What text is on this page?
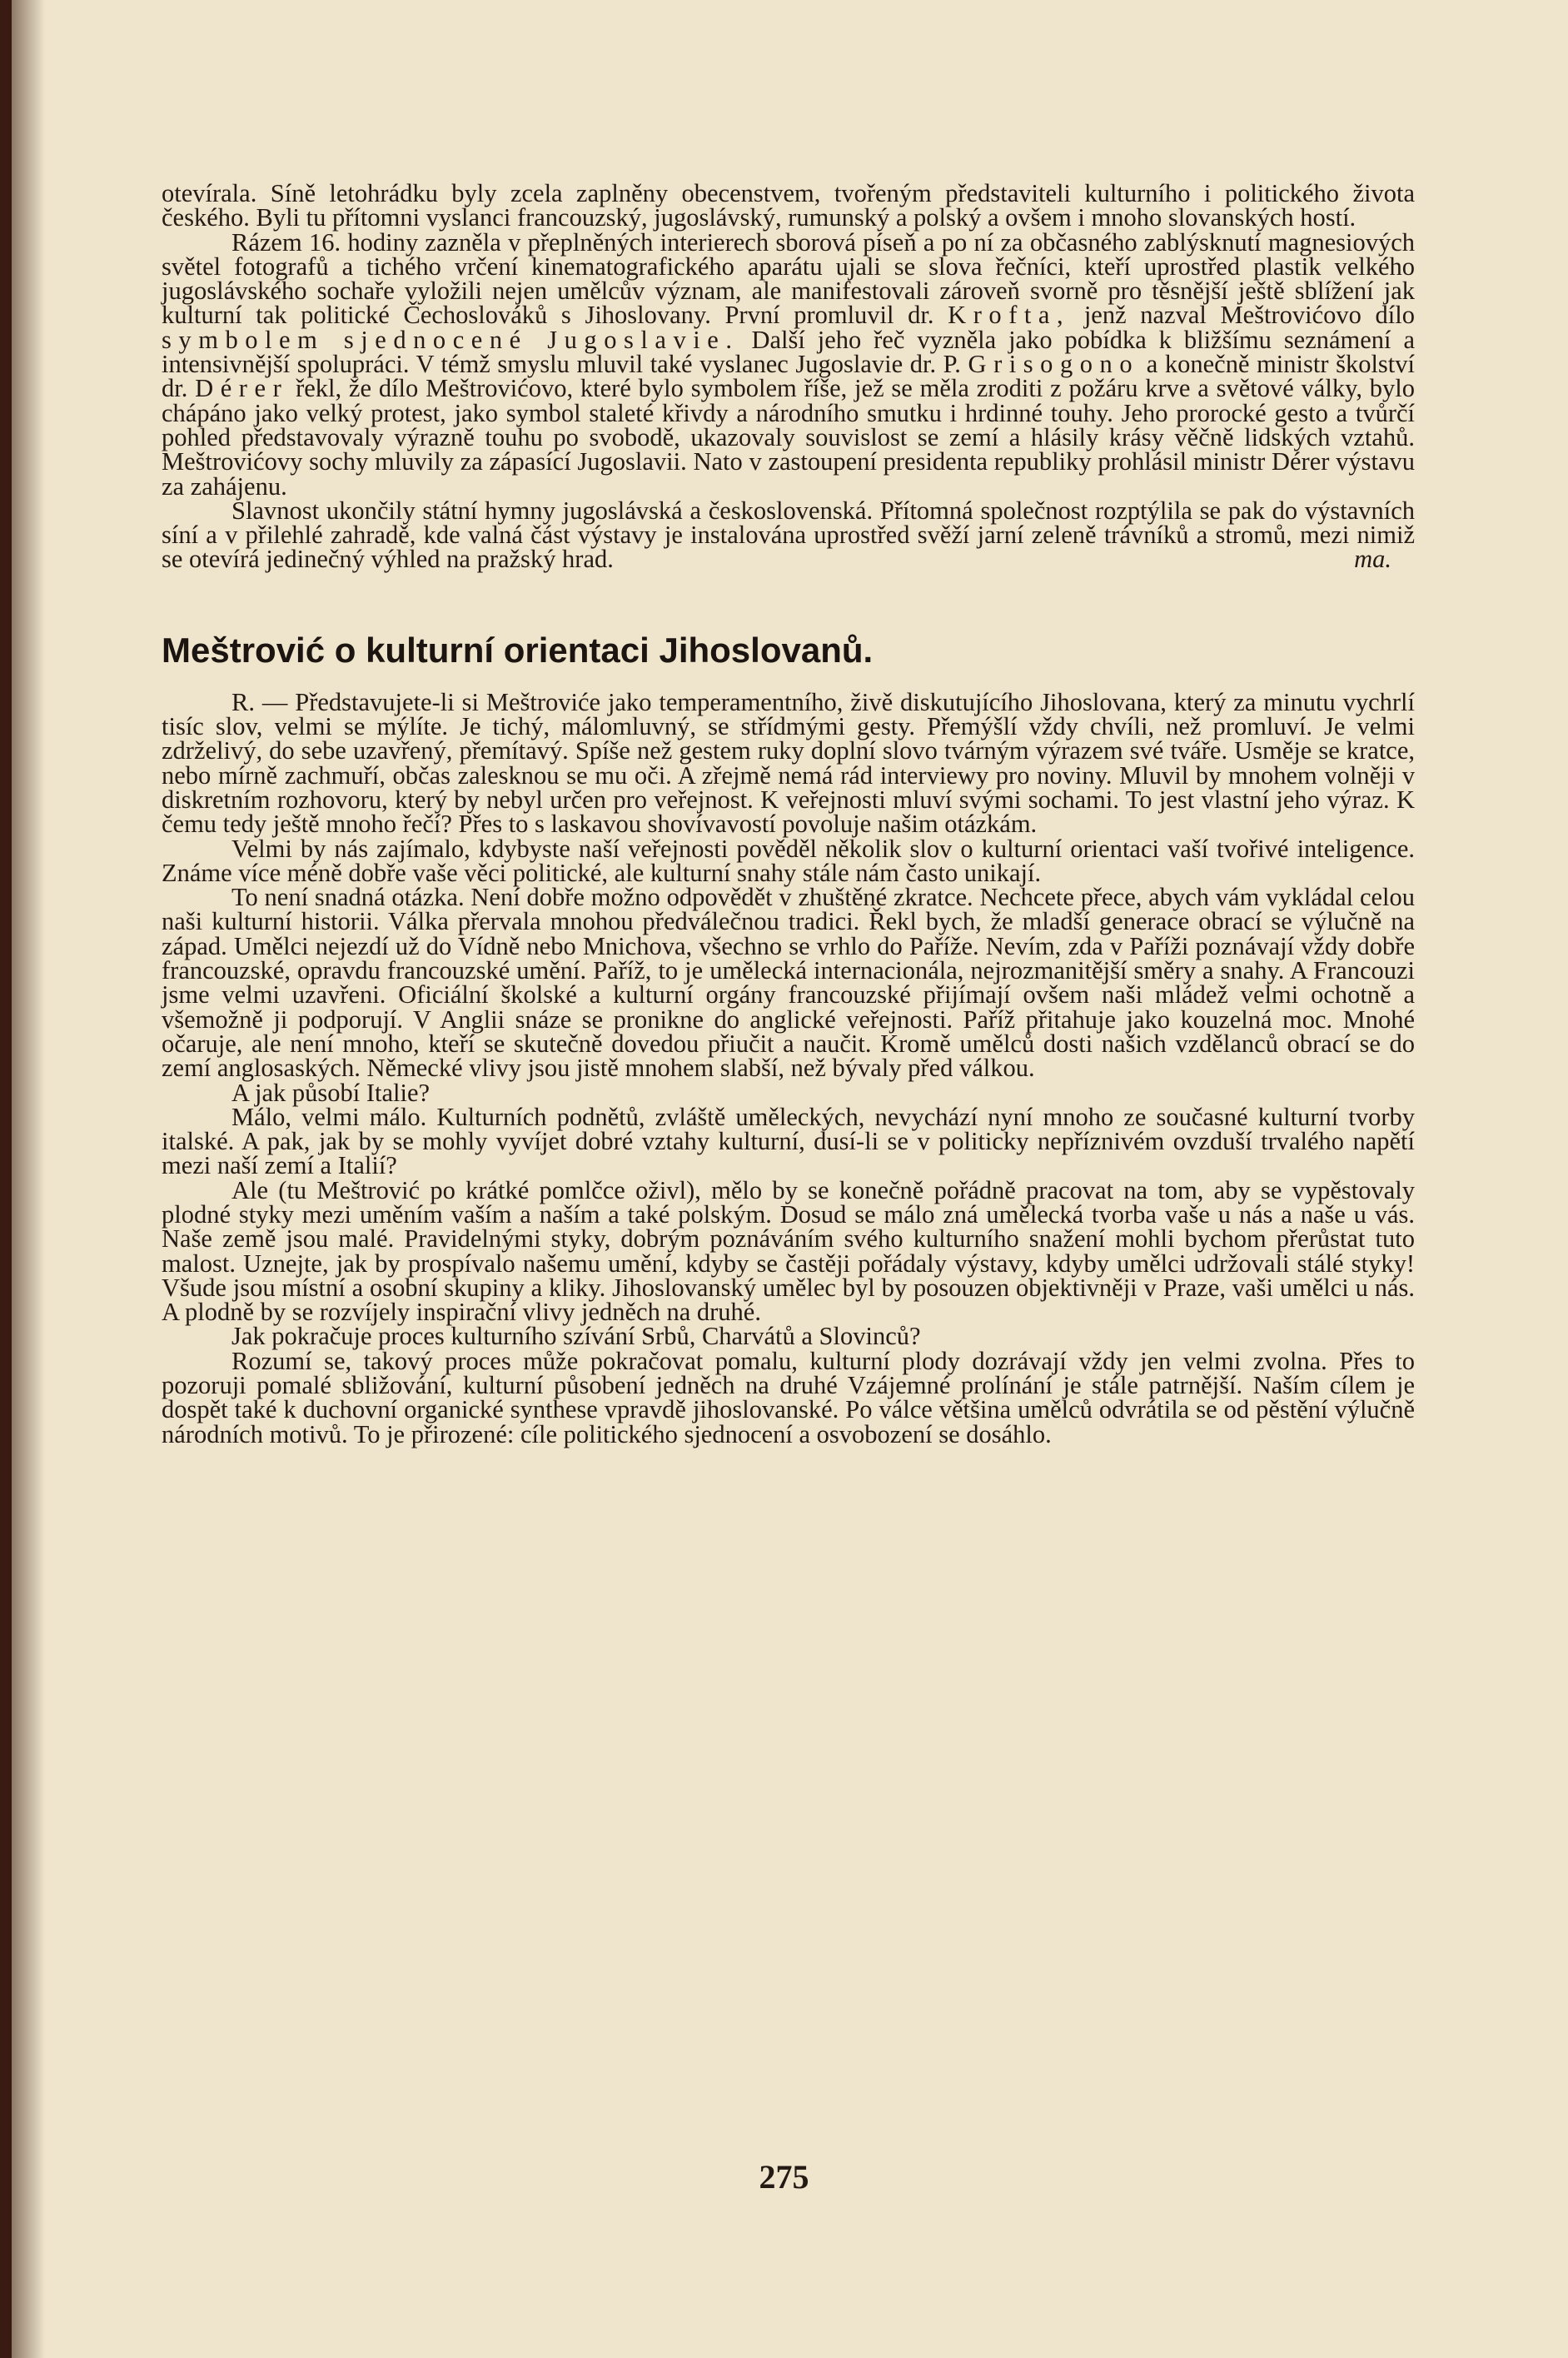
otevírala. Síně letohrádku byly zcela zaplněny obecenstvem, tvořeným představiteli kulturního i politického života českého. Byli tu přítomni vyslanci francouzský, jugoslávský, rumunský a polský a ovšem i mnoho slovanských hostí.

Rázem 16. hodiny zazněla v přeplněných interierech sborová píseň a po ní za občasného zablýsknutí magnesiových světel fotografů a tichého vrčení kinematografického aparátu ujali se slova řečníci, kteří uprostřed plastik velkého jugoslávského sochaře vyložili nejen umělcův význam, ale manifestovali zároveň svorně pro těsnější ještě sblížení jak kulturní tak politické Čechoslováků s Jihoslovany. První promluvil dr. Krofta, jenž nazval Meštrovićovo dílo symbolem sjednocené Jugoslavie. Další jeho řeč vyzněla jako pobídka k bližšímu seznámení a intensivnější spolupráci. V témž smyslu mluvil také vyslanec Jugoslavie dr. P. Grisogono a konečně ministr školství dr. Dérer řekl, že dílo Meštrovićovo, které bylo symbolem říše, jež se měla zroditi z požáru krve a světové války, bylo chápáno jako velký protest, jako symbol staleté křivdy a národního smutku i hrdinné touhy. Jeho prorocké gesto a tvůrčí pohled představovaly výrazně touhu po svobodě, ukazovaly souvislost se zemí a hlásily krásy věčně lidských vztahů. Meštrovićovy sochy mluvily za zápasící Jugoslavii. Nato v zastoupení presidenta republiky prohlásil ministr Dérer výstavu za zahájenu.

Slavnost ukončily státní hymny jugoslávská a československá. Přítomná společnost rozptýlila se pak do výstavních síní a v přilehlé zahradě, kde valná část výstavy je instalována uprostřed svěží jarní zeleně trávníků a stromů, mezi nimiž se otevírá jedinečný výhled na pražský hrad.	ma.
Meštrović o kulturní orientaci Jihoslovanů.

R. — Představujete-li si Meštroviće jako temperamentního, živě diskutujícího Jihoslovana, který za minutu vychrlí tisíc slov, velmi se mýlíte. Je tichý, málomluvný, se střídmými gesty. Přemýšlí vždy chvíli, než promluví. Je velmi zdrželivý, do sebe uzavřený, přemítavý. Spíše než gestem ruky doplní slovo tvárným výrazem své tváře. Usměje se kratce, nebo mírně zachmuří, občas zalesknou se mu oči. A zřejmě nemá rád interviewy pro noviny. Mluvil by mnohem volněji v diskretním rozhovoru, který by nebyl určen pro veřejnost. K veřejnosti mluví svými sochami. To jest vlastní jeho výraz. K čemu tedy ještě mnoho řečí? Přes to s laskavou shovívavostí povoluje našim otázkám.

Velmi by nás zajímalo, kdybyste naší veřejnosti pověděl několik slov o kulturní orientaci vaší tvořivé inteligence. Známe více méně dobře vaše věci politické, ale kulturní snahy stále nám často unikají.

To není snadná otázka. Není dobře možno odpovědět v zhuštěné zkratce. Nechcete přece, abych vám vykládal celou naši kulturní historii. Válka přervala mnohou předválečnou tradici. Řekl bych, že mladší generace obrací se výlučně na západ. Umělci nejezdí už do Vídně nebo Mnichova, všechno se vrhlo do Paříže. Nevím, zda v Paříži poznávají vždy dobře francouzské, opravdu francouzské umění. Paříž, to je umělecká internacionála, nejrozmanitější směry a snahy. A Francouzi jsme velmi uzavřeni. Oficiální školské a kulturní orgány francouzské přijímají ovšem naši mládež velmi ochotně a všemožně ji podporují. V Anglii snáze se pronikne do anglické veřejnosti. Paříž přitahuje jako kouzelná moc. Mnohé očaruje, ale není mnoho, kteří se skutečně dovedou přiučit a naučit. Kromě umělců dosti našich vzdělanců obrací se do zemí anglosaských. Německé vlivy jsou jistě mnohem slabší, než bývaly před válkou.

A jak působí Italie?

Málo, velmi málo. Kulturních podnětů, zvláště uměleckých, nevychází nyní mnoho ze současné kulturní tvorby italské. A pak, jak by se mohly vyvíjet dobré vztahy kulturní, dusí-li se v politicky nepříznivém ovzduší trvalého napětí mezi naší zemí a Italií?

Ale (tu Meštrović po krátké pomlčce oživl), mělo by se konečně pořádně pracovat na tom, aby se vypěstovaly plodné styky mezi uměním vaším a naším a také polským. Dosud se málo zná umělecká tvorba vaše u nás a naše u vás. Naše země jsou malé. Pravidelnými styky, dobrým poznáváním svého kulturního snažení mohli bychom přerůstat tuto malost. Uznejte, jak by prospívalo našemu umění, kdyby se častěji pořádaly výstavy, kdyby umělci udržovali stálé styky! Všude jsou místní a osobní skupiny a kliky. Jihoslovanský umělec byl by posouzen objektivněji v Praze, vaši umělci u nás. A plodně by se rozvíjely inspirační vlivy jedněch na druhé.

Jak pokračuje proces kulturního szívání Srbů, Charvátů a Slovinců?

Rozumí se, takový proces může pokračovat pomalu, kulturní plody dozrávají vždy jen velmi zvolna. Přes to pozoruji pomalé sbližování, kulturní působení jedněch na druhé Vzájemné prolínání je stále patrnější. Naším cílem je dospět také k duchovní organické synthese vpravdě jihoslovanské. Po válce většina umělců odvrátila se od pěstění výlučně národních motivů. To je přirozené: cíle politického sjednocení a osvobození se dosáhlo.

275
